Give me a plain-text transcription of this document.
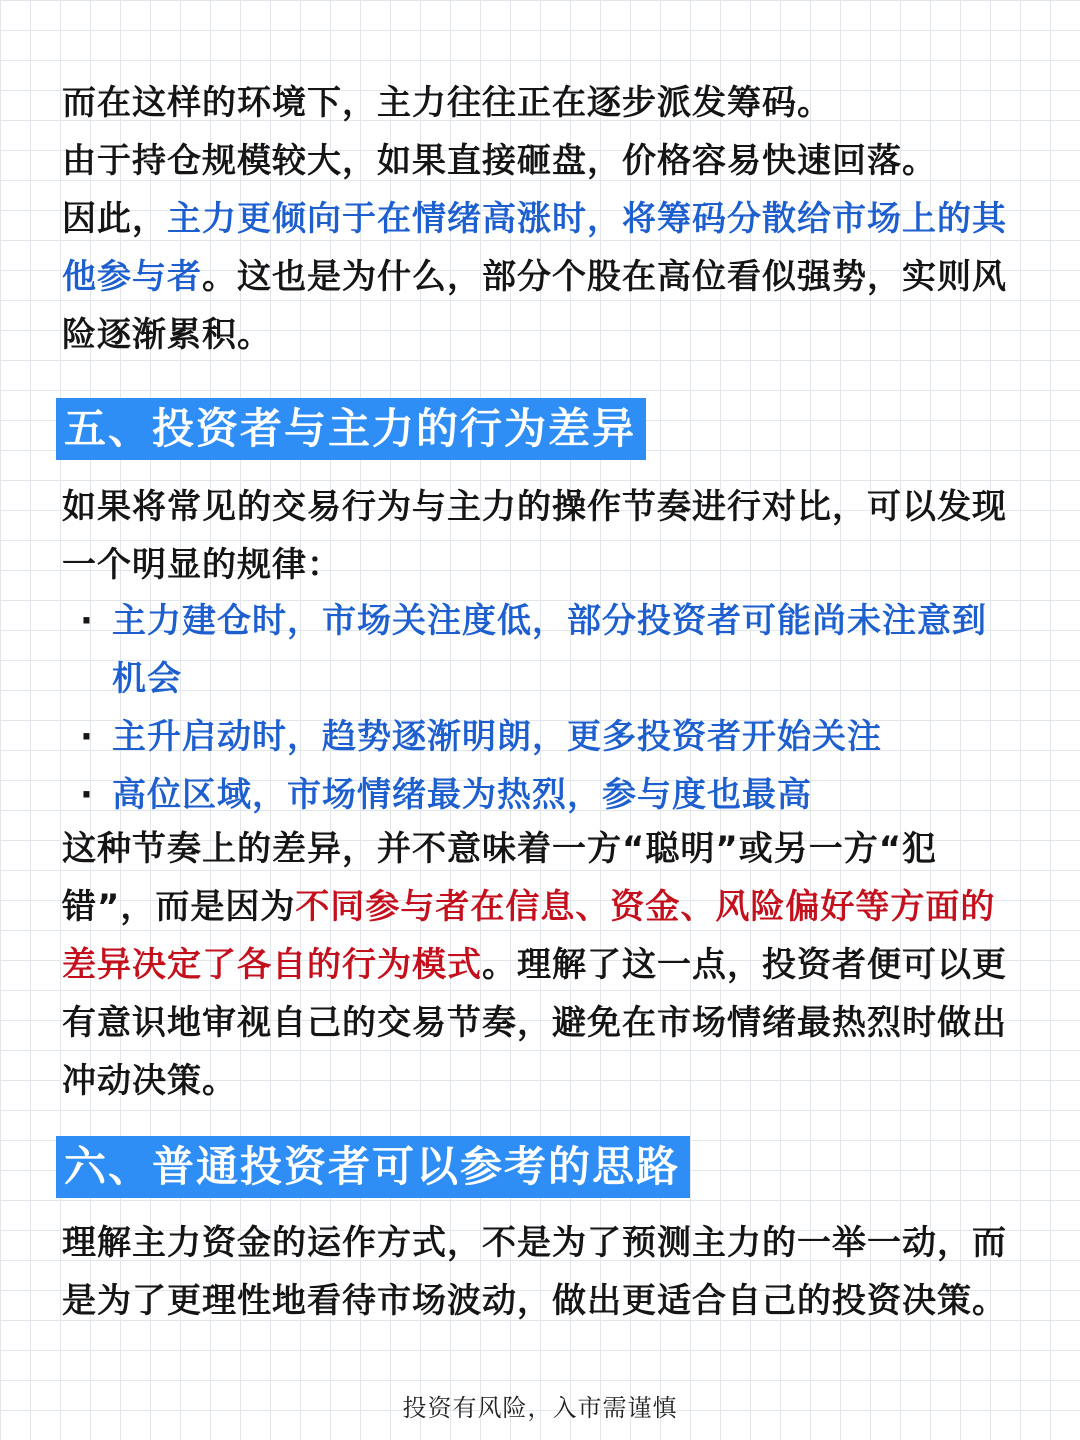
而在这样的环境下，主力往往正在逐步派发筹码。
由于持仓规模较大，如果直接砸盘，价格容易快速回落。
因此，主力更倾向于在情绪高涨时，将筹码分散给市场上的其他参与者。这也是为什么，部分个股在高位看似强势，实则风险逐渐累积。
五、投资者与主力的行为差异
如果将常见的交易行为与主力的操作节奏进行对比，可以发现一个明显的规律：
· 主力建仓时，市场关注度低，部分投资者可能尚未注意到机会
· 主升启动时，趋势逐渐明朗，更多投资者开始关注
· 高位区域，市场情绪最为热烈，参与度也最高
这种节奏上的差异，并不意味着一方“聪明”或另一方“犯错”，而是因为不同参与者在信息、资金、风险偏好等方面的差异决定了各自的行为模式。理解了这一点，投资者便可以更有意识地审视自己的交易节奏，避免在市场情绪最热烈时做出冲动决策。
六、普通投资者可以参考的思路
理解主力资金的运作方式，不是为了预测主力的一举一动，而是为了更理性地看待市场波动，做出更适合自己的投资决策。
投资有风险，入市需谨慎
